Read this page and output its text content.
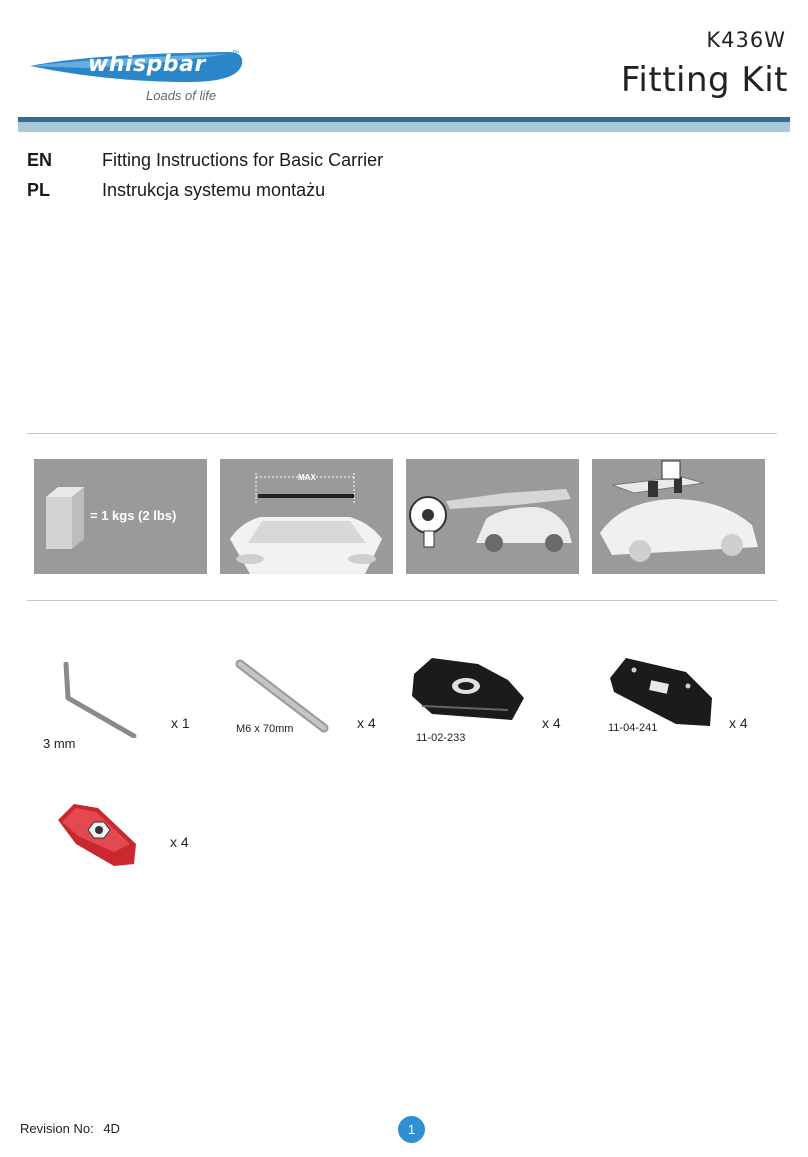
whispbar	™
Loads of life
K436W
Fitting Kit
EN	Fitting Instructions for Basic Carrier
PL	Instrukcja systemu montażu
= 1 kgs (2 lbs)
MAX
3 mm
x 1	M6 x 70mm	x 4
11-02-233
x 4	11-04-241	x 4
x 4
Revision No: 4D	1
